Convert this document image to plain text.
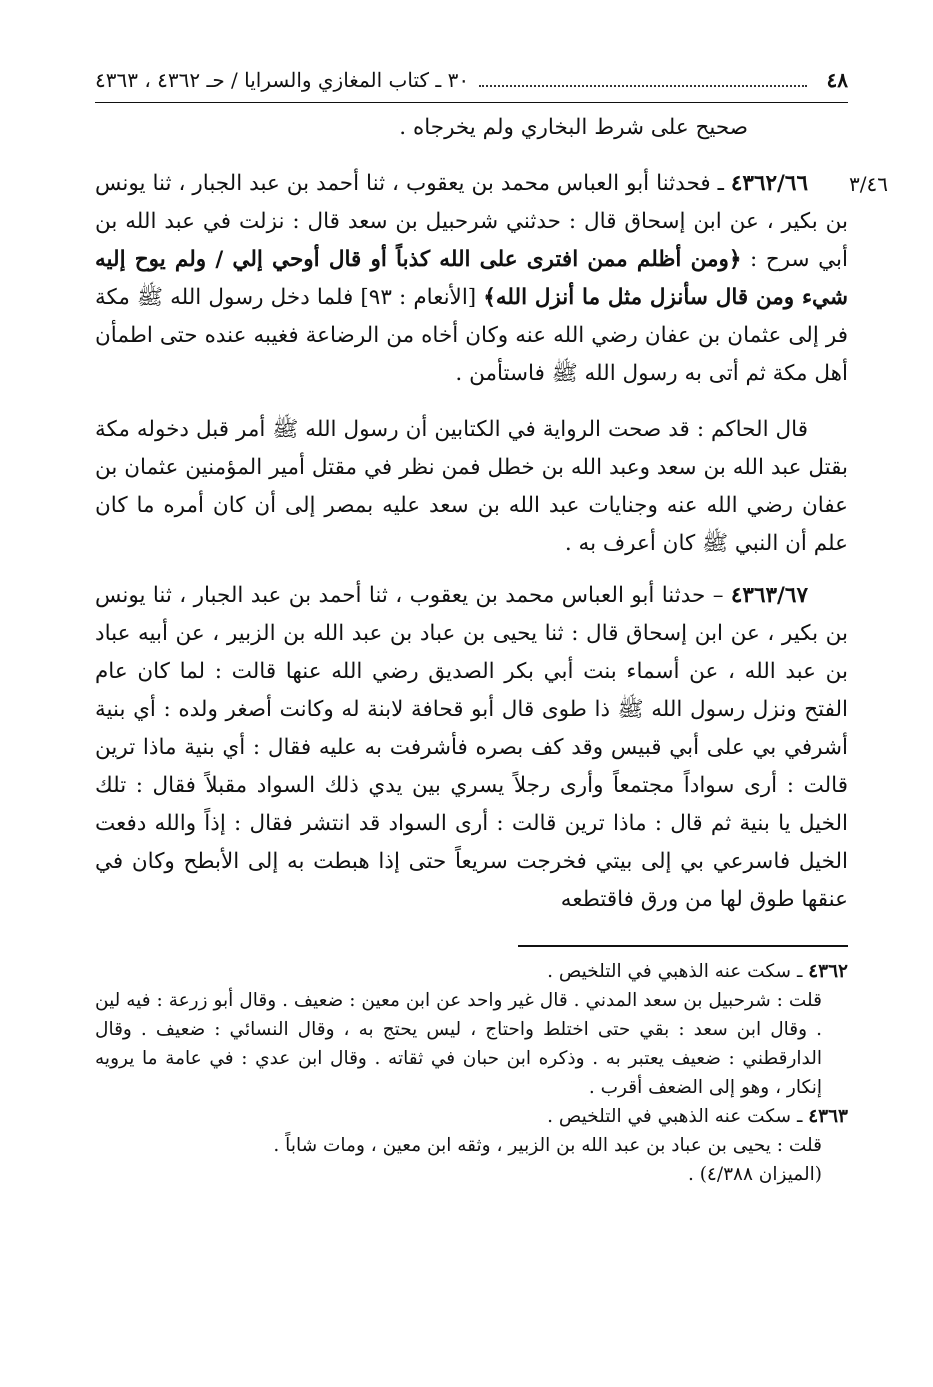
٤٨
٣٠ ـ كتاب المغازي والسرايا / حـ ٤٣٦٢ ، ٤٣٦٣

صحيح على شرط البخاري ولم يخرجاه .

٣/٤٦
٤٣٦٢/٦٦ ـ فحدثنا أبو العباس محمد بن يعقوب ، ثنا أحمد بن عبد الجبار ، ثنا يونس بن بكير ، عن ابن إسحاق قال : حدثني شرحبيل بن سعد قال : نزلت في عبد الله بن أبي سرح : ﴿ومن أظلم ممن افترى على الله كذباً أو قال أوحي إلي / ولم يوح إليه شيء ومن قال سأنزل مثل ما أنزل الله﴾ [الأنعام : ٩٣] فلما دخل رسول الله ﷺ مكة فر إلى عثمان بن عفان رضي الله عنه وكان أخاه من الرضاعة فغيبه عنده حتى اطمأن أهل مكة ثم أتى به رسول الله ﷺ فاستأمن .

قال الحاكم : قد صحت الرواية في الكتابين أن رسول الله ﷺ أمر قبل دخوله مكة بقتل عبد الله بن سعد وعبد الله بن خطل فمن نظر في مقتل أمير المؤمنين عثمان بن عفان رضي الله عنه وجنايات عبد الله بن سعد عليه بمصر إلى أن كان أمره ما كان علم أن النبي ﷺ كان أعرف به .

٤٣٦٣/٦٧ – حدثنا أبو العباس محمد بن يعقوب ، ثنا أحمد بن عبد الجبار ، ثنا يونس بن بكير ، عن ابن إسحاق قال : ثنا يحيى بن عباد بن عبد الله بن الزبير ، عن أبيه عباد بن عبد الله ، عن أسماء بنت أبي بكر الصديق رضي الله عنها قالت : لما كان عام الفتح ونزل رسول الله ﷺ ذا طوى قال أبو قحافة لابنة له وكانت أصغر ولده : أي بنية أشرفي بي على أبي قبيس وقد كف بصره فأشرفت به عليه فقال : أي بنية ماذا ترين قالت : أرى سواداً مجتمعاً وأرى رجلاً يسري بين يدي ذلك السواد مقبلاً فقال : تلك الخيل يا بنية ثم قال : ماذا ترين قالت : أرى السواد قد انتشر فقال : إذاً والله دفعت الخيل فاسرعي بي إلى بيتي فخرجت سريعاً حتى إذا هبطت به إلى الأبطح وكان في عنقها طوق لها من ورق فاقتطعه

٤٣٦٢ ـ سكت عنه الذهبي في التلخيص .

قلت : شرحبيل بن سعد المدني . قال غير واحد عن ابن معين : ضعيف . وقال أبو زرعة : فيه لين . وقال ابن سعد : بقي حتى اختلط واحتاج ، ليس يحتج به ، وقال النسائي : ضعيف . وقال الدارقطني : ضعيف يعتبر به . وذكره ابن حبان في ثقاته . وقال ابن عدي : في عامة ما يرويه إنكار ، وهو إلى الضعف أقرب .

٤٣٦٣ ـ سكت عنه الذهبي في التلخيص .

قلت : يحيى بن عباد بن عبد الله بن الزبير ، وثقه ابن معين ، ومات شاباً .

(الميزان ٤/٣٨٨) .
